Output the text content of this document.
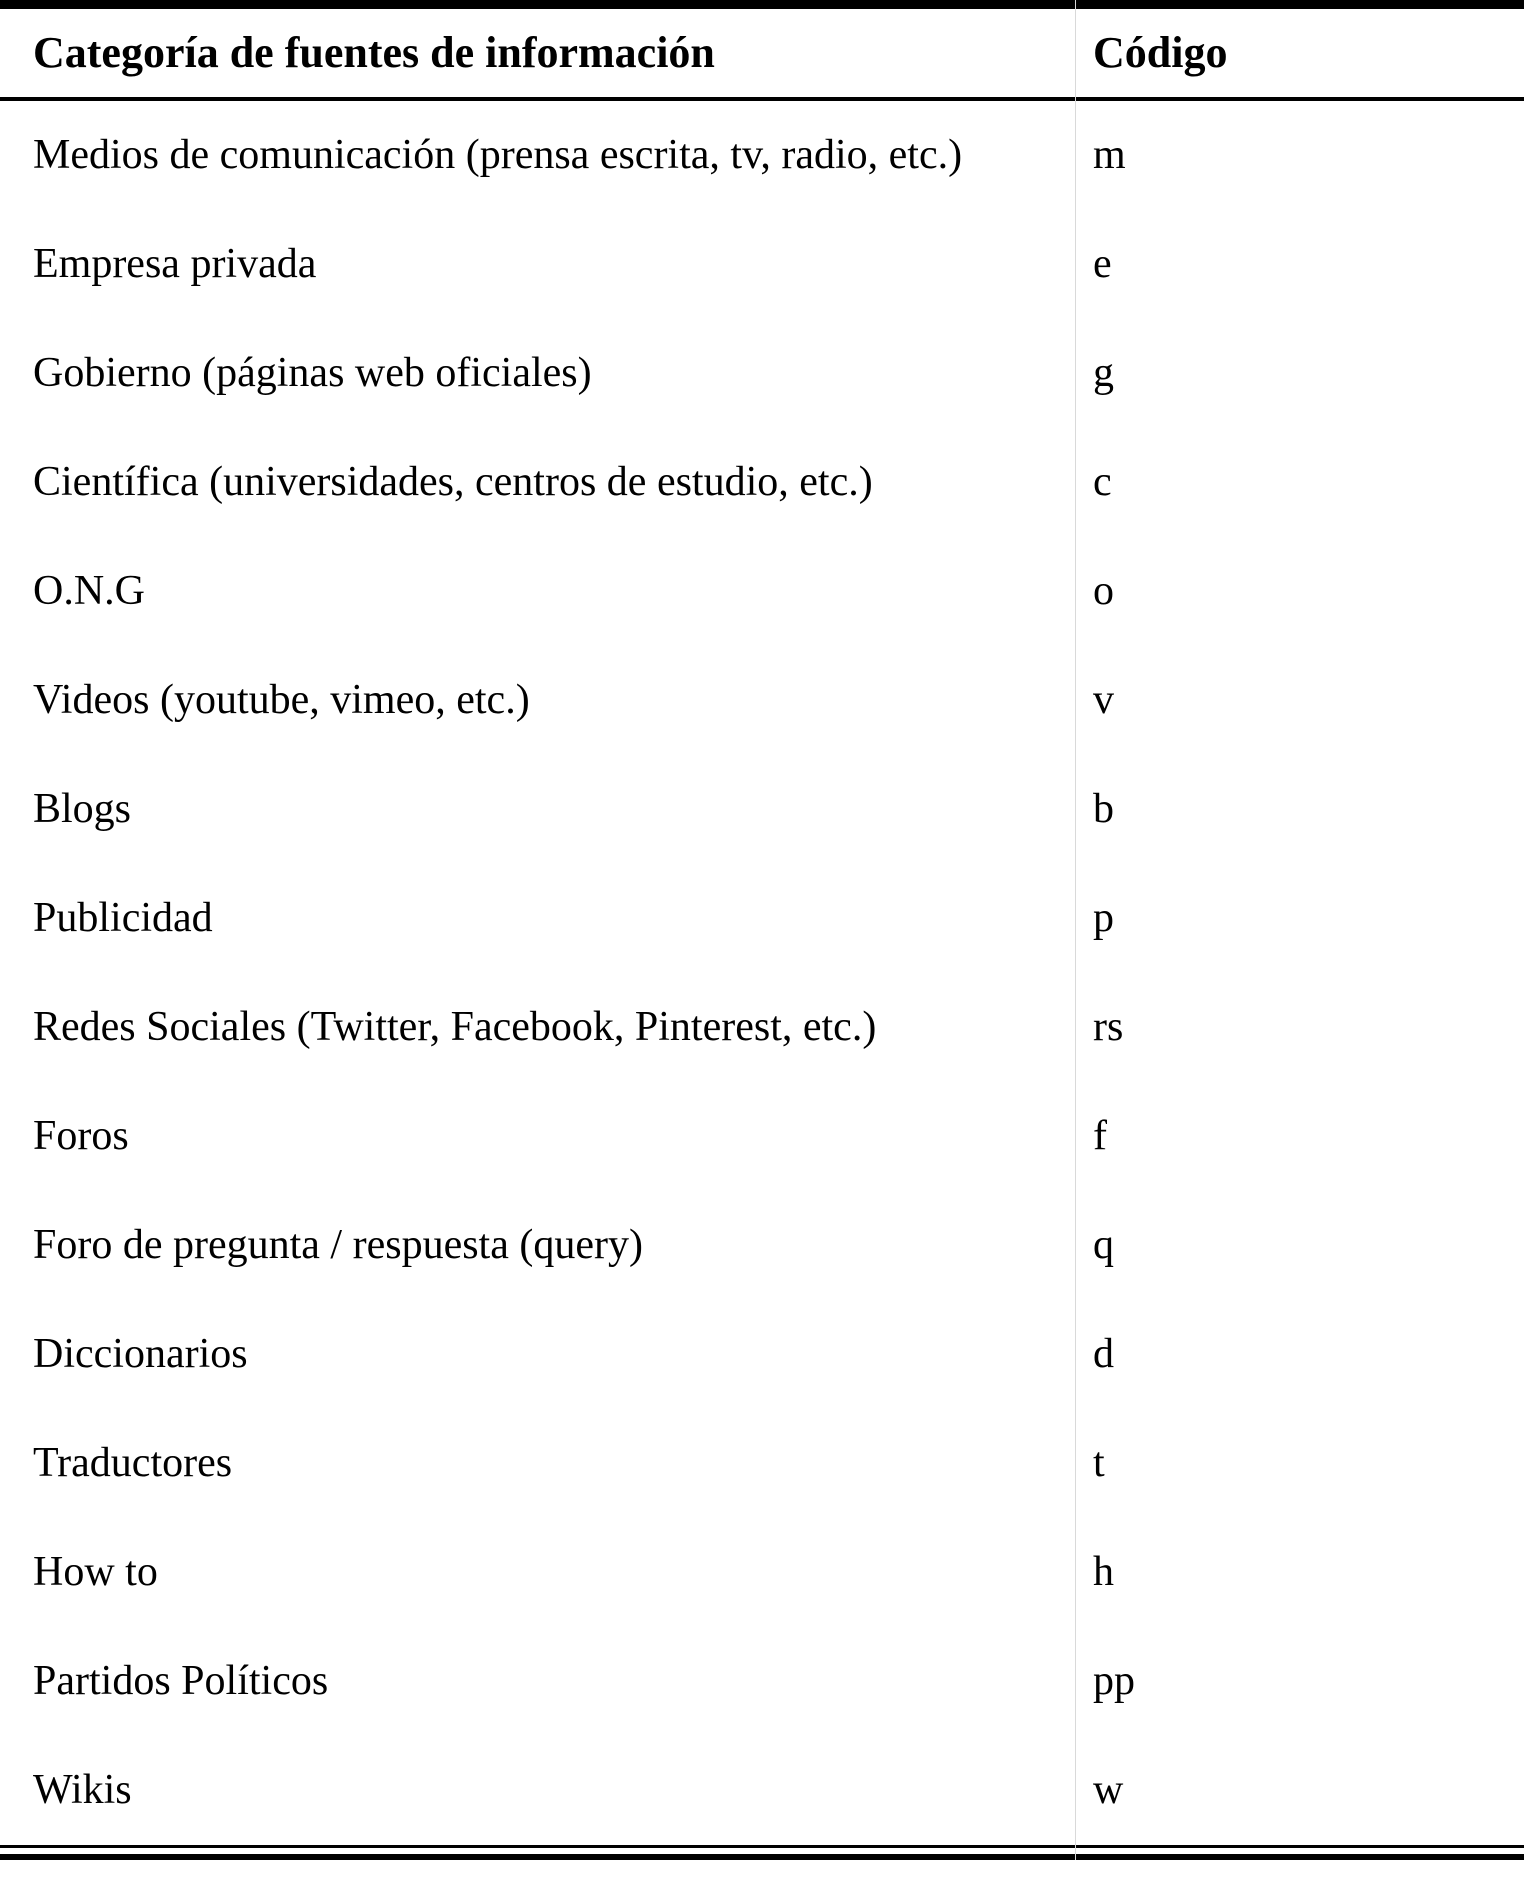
Categoría de fuentes de información	Código
Medios de comunicación (prensa escrita, tv, radio, etc.)	m
Empresa privada	e
Gobierno (páginas web oficiales)	g
Científica (universidades, centros de estudio, etc.)	c
O.N.G	o
Videos (youtube, vimeo, etc.)	v
Blogs	b
Publicidad	p
Redes Sociales (Twitter, Facebook, Pinterest, etc.)	rs
Foros	f
Foro de pregunta / respuesta (query)	q
Diccionarios	d
Traductores	t
How to	h
Partidos Políticos	pp
Wikis	w
